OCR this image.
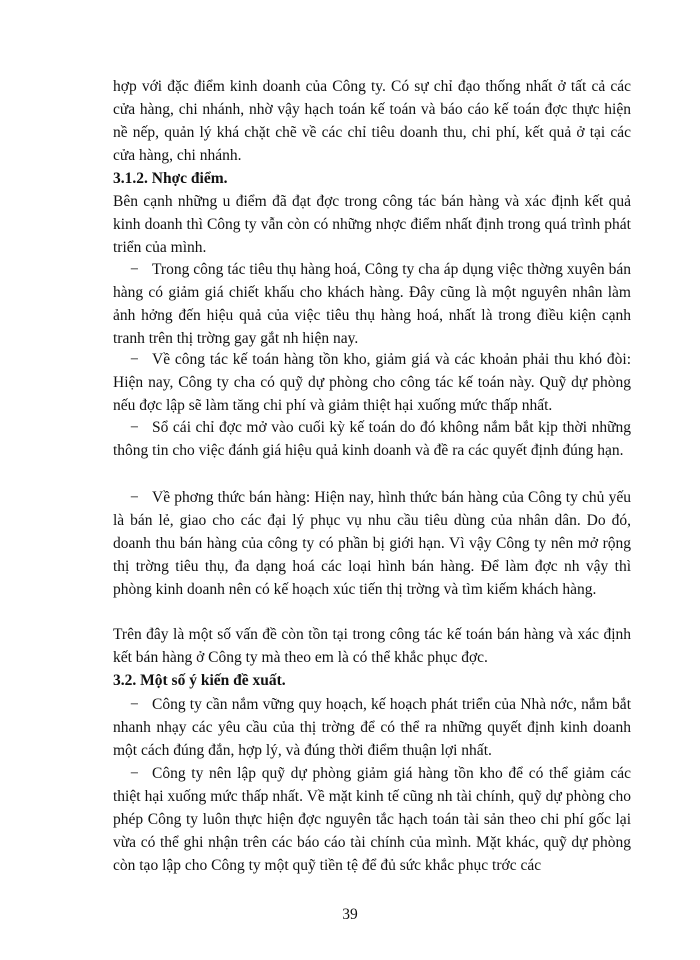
hợp với đặc điểm kinh doanh của Công ty. Có sự chỉ đạo thống nhất ở tất cả các cửa hàng, chi nhánh, nhờ vậy hạch toán kế toán và báo cáo kế toán đợc thực hiện nề nếp, quản lý khá chặt chẽ về các chỉ tiêu doanh thu, chi phí, kết quả ở tại các cửa hàng, chi nhánh.

3.1.2. Nhợc điểm.

Bên cạnh những u điểm đã đạt đợc trong công tác bán hàng và xác định kết quả kinh doanh thì Công ty vẫn còn có những nhợc điểm nhất định trong quá trình phát triển của mình.

− Trong công tác tiêu thụ hàng hoá, Công ty cha áp dụng việc thờng xuyên bán hàng có giảm giá chiết khấu cho khách hàng. Đây cũng là một nguyên nhân làm ảnh hởng đến hiệu quả của việc tiêu thụ hàng hoá, nhất là trong điều kiện cạnh tranh trên thị trờng gay gắt nh hiện nay.

− Về công tác kế toán hàng tồn kho, giảm giá và các khoản phải thu khó đòi: Hiện nay, Công ty cha có quỹ dự phòng cho công tác kế toán này. Quỹ dự phòng nếu đợc lập sẽ làm tăng chi phí và giảm thiệt hại xuống mức thấp nhất.

− Sổ cái chỉ đợc mở vào cuối kỳ kế toán do đó không nắm bắt kịp thời những thông tin cho việc đánh giá hiệu quả kinh doanh và đề ra các quyết định đúng hạn.

− Về phơng thức bán hàng: Hiện nay, hình thức bán hàng của Công ty chủ yếu là bán lẻ, giao cho các đại lý phục vụ nhu cầu tiêu dùng của nhân dân. Do đó, doanh thu bán hàng của công ty có phần bị giới hạn. Vì vậy Công ty nên mở rộng thị trờng tiêu thụ, đa dạng hoá các loại hình bán hàng. Để làm đợc nh vậy thì phòng kinh doanh nên có kế hoạch xúc tiến thị trờng và tìm kiếm khách hàng.

Trên đây là một số vấn đề còn tồn tại trong công tác kế toán bán hàng và xác định kết bán hàng ở Công ty mà theo em là có thể khắc phục đợc.

3.2. Một số ý kiến đề xuất.

− Công ty cần nắm vững quy hoạch, kế hoạch phát triển của Nhà nớc, nắm bắt nhanh nhạy các yêu cầu của thị trờng để có thể ra những quyết định kinh doanh một cách đúng đắn, hợp lý, và đúng thời điểm thuận lợi nhất.

− Công ty nên lập quỹ dự phòng giảm giá hàng tồn kho để có thể giảm các thiệt hại xuống mức thấp nhất. Về mặt kinh tế cũng nh tài chính, quỹ dự phòng cho phép Công ty luôn thực hiện đợc nguyên tắc hạch toán tài sản theo chi phí gốc lại vừa có thể ghi nhận trên các báo cáo tài chính của mình. Mặt khác, quỹ dự phòng còn tạo lập cho Công ty một quỹ tiền tệ để đủ sức khắc phục trớc các

39
